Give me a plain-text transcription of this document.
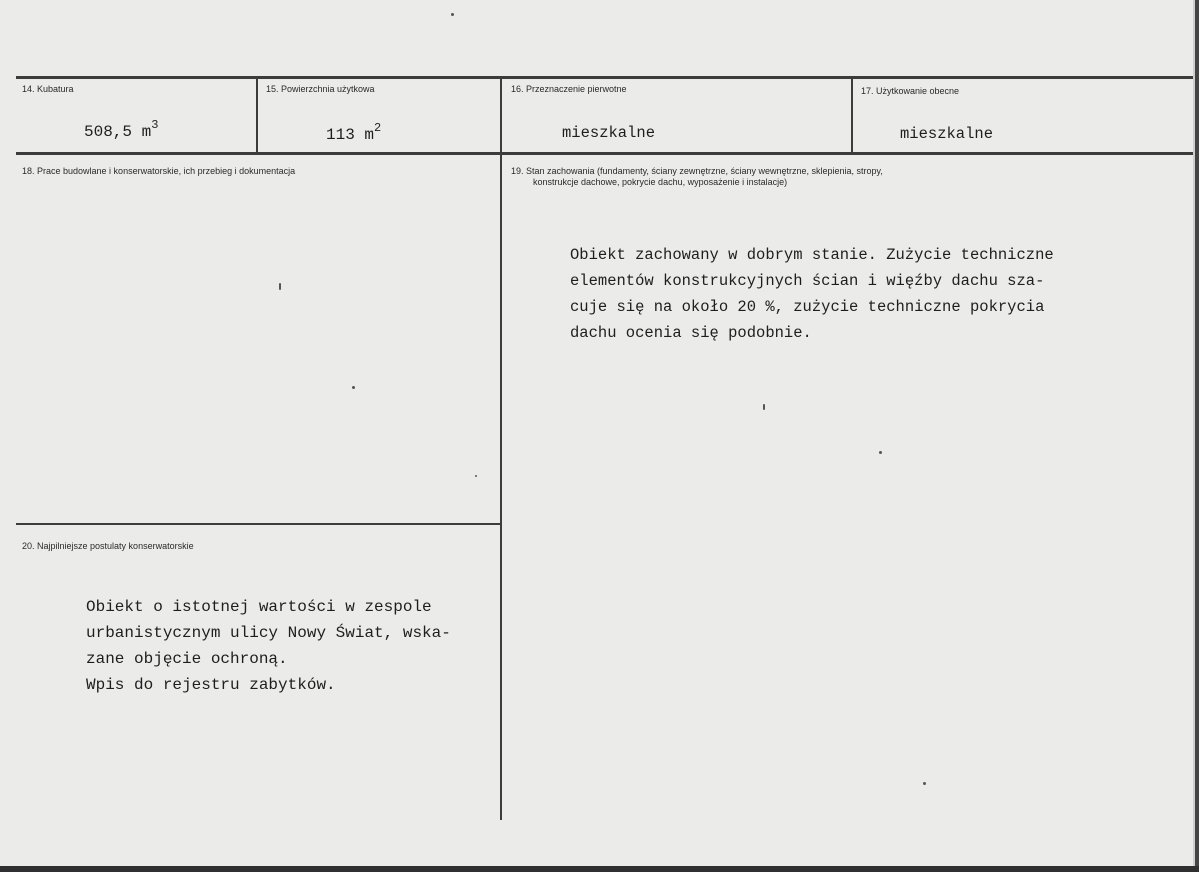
14. Kubatura
508,5 $m^3$
15. Powierzchnia użytkowa
113 $m^2$
16. Przeznaczenie pierwotne
mieszkalne
17. Użytkowanie obecne
mieszkalne
18. Prace budowlane i konserwatorskie, ich przebieg i dokumentacja	19. Stan zachowania (fundamenty, ściany zewnętrzne, ściany wewnętrzne, sklepienia, stropy,
konstrukcje dachowe, pokrycie dachu, wyposażenie i instalacje)
Obiekt zachowany w dobrym stanie. Zużycie techniczne
elementów konstrukcyjnych ścian i więźby dachu sza-
cuje się na około 20 %, zużycie techniczne pokrycia
dachu ocenia się podobnie.
20. Najpilniejsze postulaty konserwatorskie
Obiekt o istotnej wartości w zespole
urbanistycznym ulicy Nowy Świat, wska-
zane objęcie ochroną.
Wpis do rejestru zabytków.
